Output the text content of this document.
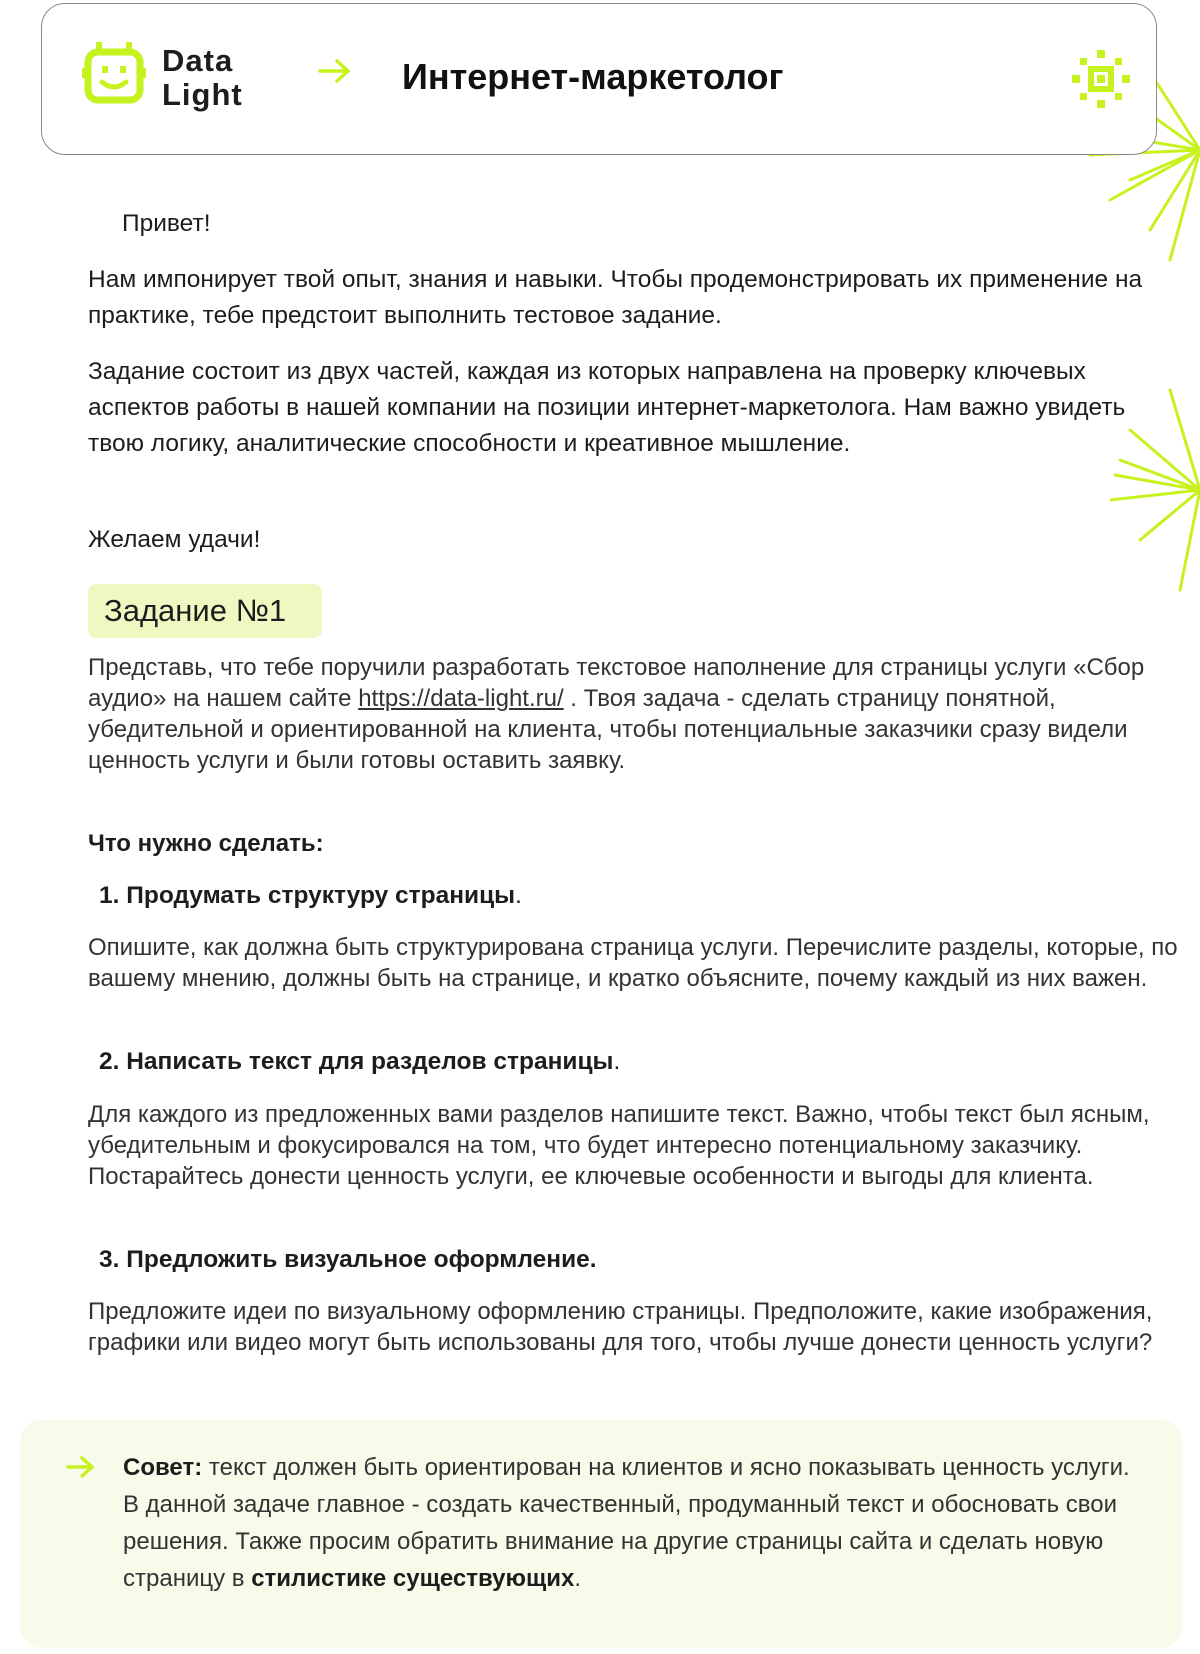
Data
Light	Интернет-маркетолог

Привет!

Нам импонирует твой опыт, знания и навыки. Чтобы продемонстрировать их применение на практике, тебе предстоит выполнить тестовое задание.

Задание состоит из двух частей, каждая из которых направлена на проверку ключевых аспектов работы в нашей компании на позиции интернет-маркетолога. Нам важно увидеть твою логику, аналитические способности и креативное мышление.

Желаем удачи!

Задание №1

Представь, что тебе поручили разработать текстовое наполнение для страницы услуги «Сбор аудио» на нашем сайте https://data-light.ru/ . Твоя задача - сделать страницу понятной, убедительной и ориентированной на клиента, чтобы потенциальные заказчики сразу видели ценность услуги и были готовы оставить заявку.

Что нужно сделать:

1. Продумать структуру страницы.

Опишите, как должна быть структурирована страница услуги. Перечислите разделы, которые, по вашему мнению, должны быть на странице, и кратко объясните, почему каждый из них важен.

2. Написать текст для разделов страницы.

Для каждого из предложенных вами разделов напишите текст. Важно, чтобы текст был ясным, убедительным и фокусировался на том, что будет интересно потенциальному заказчику. Постарайтесь донести ценность услуги, ее ключевые особенности и выгоды для клиента.

3. Предложить визуальное оформление.

Предложите идеи по визуальному оформлению страницы. Предположите, какие изображения, графики или видео могут быть использованы для того, чтобы лучше донести ценность услуги?

Совет: текст должен быть ориентирован на клиентов и ясно показывать ценность услуги. В данной задаче главное - создать качественный, продуманный текст и обосновать свои решения. Также просим обратить внимание на другие страницы сайта и сделать новую страницу в стилистике существующих.
